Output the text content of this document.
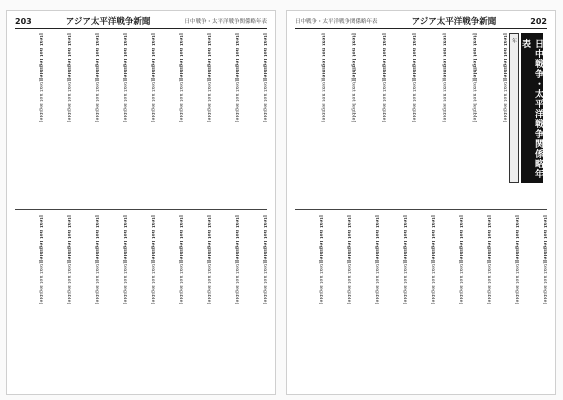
203	アジア太平洋戦争新聞	日中戦争・太平洋戦争関係略年表
[text not legible][text not legible]
[text not legible][text not legible]
[text not legible][text not legible]
[text not legible][text not legible]
[text not legible][text not legible]
[text not legible][text not legible]
[text not legible][text not legible]
[text not legible][text not legible]
[text not legible][text not legible]
[text not legible][text not legible]
[text not legible][text not legible]
[text not legible][text not legible]
[text not legible][text not legible]
[text not legible][text not legible]
[text not legible][text not legible]
[text not legible][text not legible]
[text not legible][text not legible]
[text not legible][text not legible]
日中戦争・太平洋戦争関係略年表	アジア太平洋戦争新聞	202
日中戦争・太平洋戦争関係略年表
年
[text not legible][text not legible]
[text not legible][text not legible]
[text not legible][text not legible]
[text not legible][text not legible]
[text not legible][text not legible]
[text not legible][text not legible]
[text not legible][text not legible]
[text not legible][text not legible]
[text not legible][text not legible]
[text not legible][text not legible]
[text not legible][text not legible]
[text not legible][text not legible]
[text not legible][text not legible]
[text not legible][text not legible]
[text not legible][text not legible]
[text not legible][text not legible]
